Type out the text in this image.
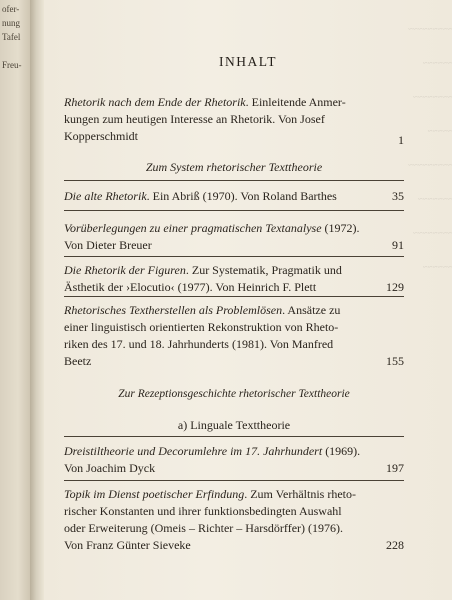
ofer-
nung
Tafel
Freu-
~~~~~~~~~
~~~~~~
~~~~~~~~
~~~~~
~~~~~~~~~
~~~~~~~
~~~~~~~~
~~~~~~
INHALT
Rhetorik nach dem Ende der Rhetorik. Einleitende Anmer-
kungen zum heutigen Interesse an Rhetorik. Von Josef
Kopperschmidt	1
Zum System rhetorischer Texttheorie
Die alte Rhetorik. Ein Abriß (1970). Von Roland Barthes	35
Vorüberlegungen zu einer pragmatischen Textanalyse (1972).
Von Dieter Breuer	91
Die Rhetorik der Figuren. Zur Systematik, Pragmatik und
Ästhetik der ›Elocutio‹ (1977). Von Heinrich F. Plett	129
Rhetorisches Textherstellen als Problemlösen. Ansätze zu
einer linguistisch orientierten Rekonstruktion von Rheto-
riken des 17. und 18. Jahrhunderts (1981). Von Manfred
Beetz	155
Zur Rezeptionsgeschichte rhetorischer Texttheorie
a) Linguale Texttheorie
Dreistiltheorie und Decorumlehre im 17. Jahrhundert (1969).
Von Joachim Dyck	197
Topik im Dienst poetischer Erfindung. Zum Verhältnis rheto-
rischer Konstanten und ihrer funktionsbedingten Auswahl
oder Erweiterung (Omeis – Richter – Harsdörffer) (1976).
Von Franz Günter Sieveke	228
